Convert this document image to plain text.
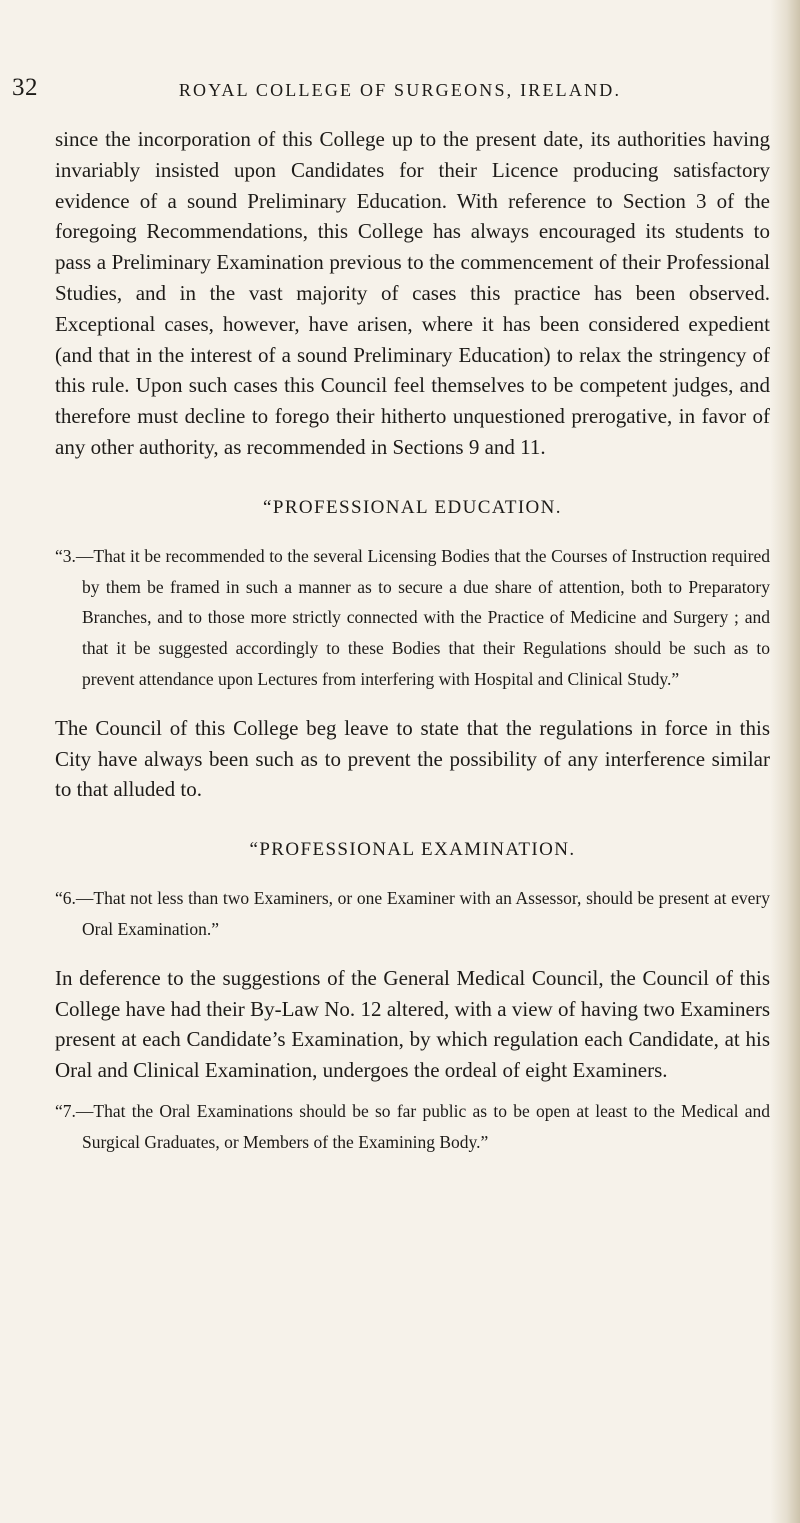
32	ROYAL COLLEGE OF SURGEONS, IRELAND.

since the incorporation of this College up to the present date, its authorities having invariably insisted upon Candidates for their Licence producing satisfactory evidence of a sound Preliminary Education. With reference to Section 3 of the foregoing Recommendations, this College has always encouraged its students to pass a Preliminary Examination previous to the commencement of their Professional Studies, and in the vast majority of cases this practice has been observed. Exceptional cases, however, have arisen, where it has been considered expedient (and that in the interest of a sound Preliminary Education) to relax the stringency of this rule. Upon such cases this Council feel themselves to be competent judges, and therefore must decline to forego their hitherto unquestioned prerogative, in favor of any other authority, as recommended in Sections 9 and 11.

“PROFESSIONAL EDUCATION.

“3.—That it be recommended to the several Licensing Bodies that the Courses of Instruction required by them be framed in such a manner as to secure a due share of attention, both to Preparatory Branches, and to those more strictly connected with the Practice of Medicine and Surgery ; and that it be suggested accordingly to these Bodies that their Regulations should be such as to prevent attendance upon Lectures from interfering with Hospital and Clinical Study.”

The Council of this College beg leave to state that the regulations in force in this City have always been such as to prevent the possibility of any interference similar to that alluded to.

“PROFESSIONAL EXAMINATION.

“6.—That not less than two Examiners, or one Examiner with an Assessor, should be present at every Oral Examination.”

In deference to the suggestions of the General Medical Council, the Council of this College have had their By-Law No. 12 altered, with a view of having two Examiners present at each Candidate’s Examination, by which regulation each Candidate, at his Oral and Clinical Examination, undergoes the ordeal of eight Examiners.

“7.—That the Oral Examinations should be so far public as to be open at least to the Medical and Surgical Graduates, or Members of the Examining Body.”
